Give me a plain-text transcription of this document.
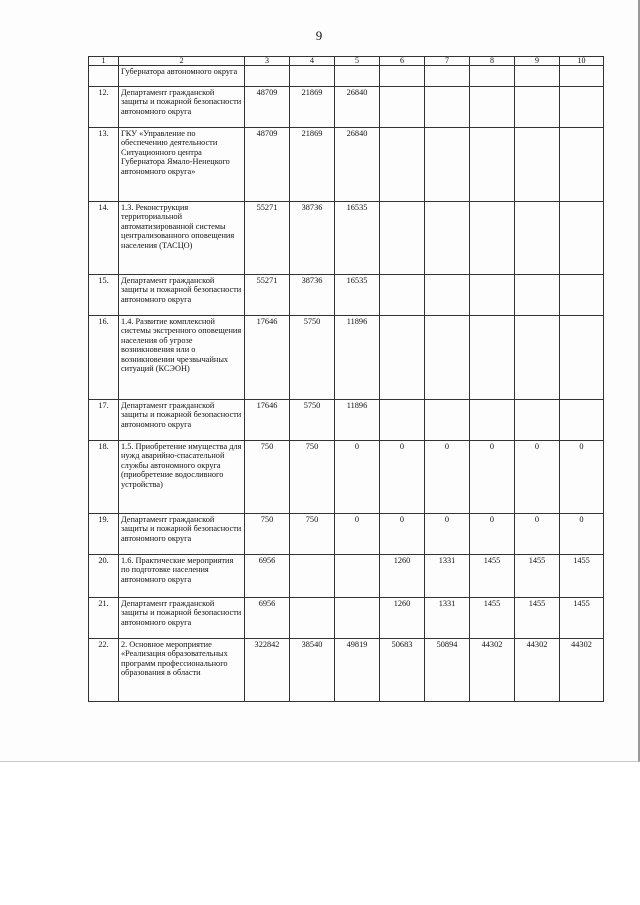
9
1	2	3	4	5	6	7	8	9	10
	Губернатора автономного округа								
12.	Департамент гражданской защиты и пожарной безопасности автономного округа	48709	21869	26840					
13.	ГКУ «Управление по обеспечению деятельности Ситуационного центра Губернатора Ямало-Ненецкого автономного округа»	48709	21869	26840					
14.	1.3. Реконструкция территориальной автоматизированной системы централизованного оповещения населения (ТАСЦО)	55271	38736	16535					
15.	Департамент гражданской защиты и пожарной безопасности автономного округа	55271	38736	16535					
16.	1.4. Развитие комплексной системы экстренного оповещения населения об угрозе возникновения или о возникновении чрезвычайных ситуаций (КСЭОН)	17646	5750	11896					
17.	Департамент гражданской защиты и пожарной безопасности автономного округа	17646	5750	11896					
18.	1.5. Приобретение имущества для нужд аварийно-спасательной службы автономного округа (приобретение водосливного устройства)	750	750	0	0	0	0	0	0
19.	Департамент гражданской защиты и пожарной безопасности автономного округа	750	750	0	0	0	0	0	0
20.	1.6. Практические мероприятия по подготовке населения автономного округа	6956			1260	1331	1455	1455	1455
21.	Департамент гражданской защиты и пожарной безопасности автономного округа	6956			1260	1331	1455	1455	1455
22.	2. Основное мероприятие «Реализация образовательных программ профессионального образования в области	322842	38540	49819	50683	50894	44302	44302	44302
